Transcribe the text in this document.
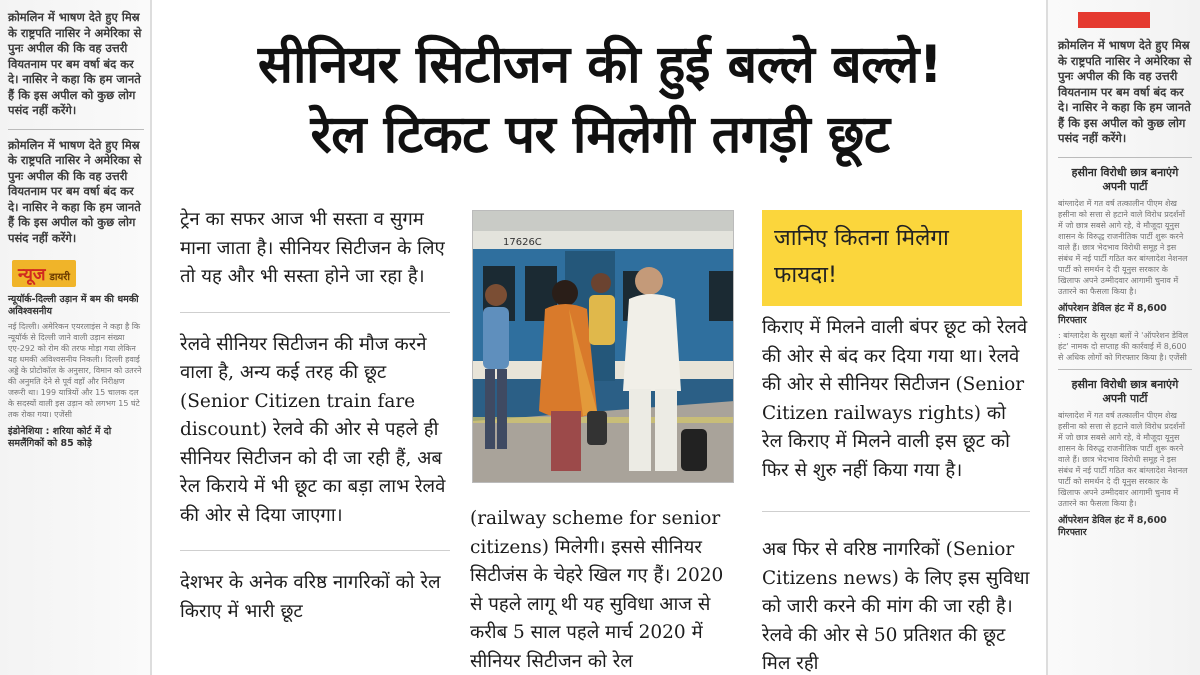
क्रोमलिन में भाषण देते हुए मिस्र के राष्ट्रपति नासिर ने अमेरिका से पुनः अपील की कि वह उत्तरी वियतनाम पर बम वर्षा बंद कर दे। नासिर ने कहा कि हम जानते हैं कि इस अपील को कुछ लोग पसंद नहीं करेंगे।

क्रोमलिन में भाषण देते हुए मिस्र के राष्ट्रपति नासिर ने अमेरिका से पुनः अपील की कि वह उत्तरी वियतनाम पर बम वर्षा बंद कर दे। नासिर ने कहा कि हम जानते हैं कि इस अपील को कुछ लोग पसंद नहीं करेंगे।

न्यूज डायरी

न्यूयॉर्क-दिल्ली उड़ान में बम की धमकी अविश्वसनीय

नई दिल्ली। अमेरिकन एयरलाइंस ने कहा है कि न्यूयॉर्क से दिल्ली जाने वाली उड़ान संख्या एए-292 को रोम की तरफ मोड़ा गया लेकिन यह धमकी अविश्वसनीय निकली। दिल्ली हवाई अड्डे के प्रोटोकॉल के अनुसार, विमान को उतरने की अनुमति देने से पूर्व वहाँ और निरीक्षण जरूरी था। 199 यात्रियों और 15 चालक दल के सदस्यों वाली इस उड़ान को लगभग 15 घंटे तक रोका गया। एजेंसी

इंडोनेशिया : शरिया कोर्ट में दो समलैंगिकों को 85 कोड़े

क्रोमलिन में भाषण देते हुए मिस्र के राष्ट्रपति नासिर ने अमेरिका से पुनः अपील की कि वह उत्तरी वियतनाम पर बम वर्षा बंद कर दे। नासिर ने कहा कि हम जानते हैं कि इस अपील को कुछ लोग पसंद नहीं करेंगे।

हसीना विरोधी छात्र बनाएंगे अपनी पार्टी

बांग्लादेश में गत वर्ष तत्कालीन पीएम शेख हसीना को सत्ता से हटाने वाले विरोध प्रदर्शनों में जो छात्र सबसे आगे रहे, वे मौजूदा यूनुस शासन के विरुद्ध राजनीतिक पार्टी शुरू करने वाले हैं। छात्र भेदभाव विरोधी समूह ने इस संबंध में नई पार्टी गठित कर बांग्लादेश नेशनल पार्टी को समर्थन दे दी यूनुस सरकार के खिलाफ अपने उम्मीदवार आगामी चुनाव में उतारने का फैसला किया है।

ऑपरेशन डेविल हंट में 8,600 गिरफ्तार

: बांग्लादेश के सुरक्षा बलों ने 'ऑपरेशन डेविल हंट' नामक दो सप्ताह की कार्रवाई में 8,600 से अधिक लोगों को गिरफ्तार किया है। एजेंसी

हसीना विरोधी छात्र बनाएंगे अपनी पार्टी

बांग्लादेश में गत वर्ष तत्कालीन पीएम शेख हसीना को सत्ता से हटाने वाले विरोध प्रदर्शनों में जो छात्र सबसे आगे रहे, वे मौजूदा यूनुस शासन के विरुद्ध राजनीतिक पार्टी शुरू करने वाले हैं। छात्र भेदभाव विरोधी समूह ने इस संबंध में नई पार्टी गठित कर बांग्लादेश नेशनल पार्टी को समर्थन दे दी यूनुस सरकार के खिलाफ अपने उम्मीदवार आगामी चुनाव में उतारने का फैसला किया है।

ऑपरेशन डेविल हंट में 8,600 गिरफ्तार

सीनियर सिटीजन की हुई बल्ले बल्ले!
रेल टिकट पर मिलेगी तगड़ी छूट

ट्रेन का सफर आज भी सस्ता व सुगम माना जाता है। सीनियर सिटीजन के लिए तो यह और भी सस्ता होने जा रहा है।

रेलवे सीनियर सिटीजन की मौज करने वाला है, अन्य कई तरह की छूट (Senior Citizen train fare discount) रेलवे की ओर से पहले ही सीनियर सिटीजन को दी जा रही हैं, अब रेल किराये में भी छूट का बड़ा लाभ रेलवे की ओर से दिया जाएगा।

देशभर के अनेक वरिष्ठ नागरिकों को रेल किराए में भारी छूट

17626C

(railway scheme for senior citizens) मिलेगी। इससे सीनियर सिटीजंस के चेहरे खिल गए हैं। 2020 से पहले लागू थी यह सुविधा आज से करीब 5 साल पहले मार्च 2020 में सीनियर सिटीजन को रेल

जानिए कितना मिलेगा फायदा!

किराए में मिलने वाली बंपर छूट को रेलवे की ओर से बंद कर दिया गया था। रेलवे की ओर से सीनियर सिटीजन (Senior Citizen railways rights) को रेल किराए में मिलने वाली इस छूट को फिर से शुरु नहीं किया गया है।

अब फिर से वरिष्ठ नागरिकों (Senior Citizens news) के लिए इस सुविधा को जारी करने की मांग की जा रही है। रेलवे की ओर से 50 प्रतिशत की छूट मिल रही
